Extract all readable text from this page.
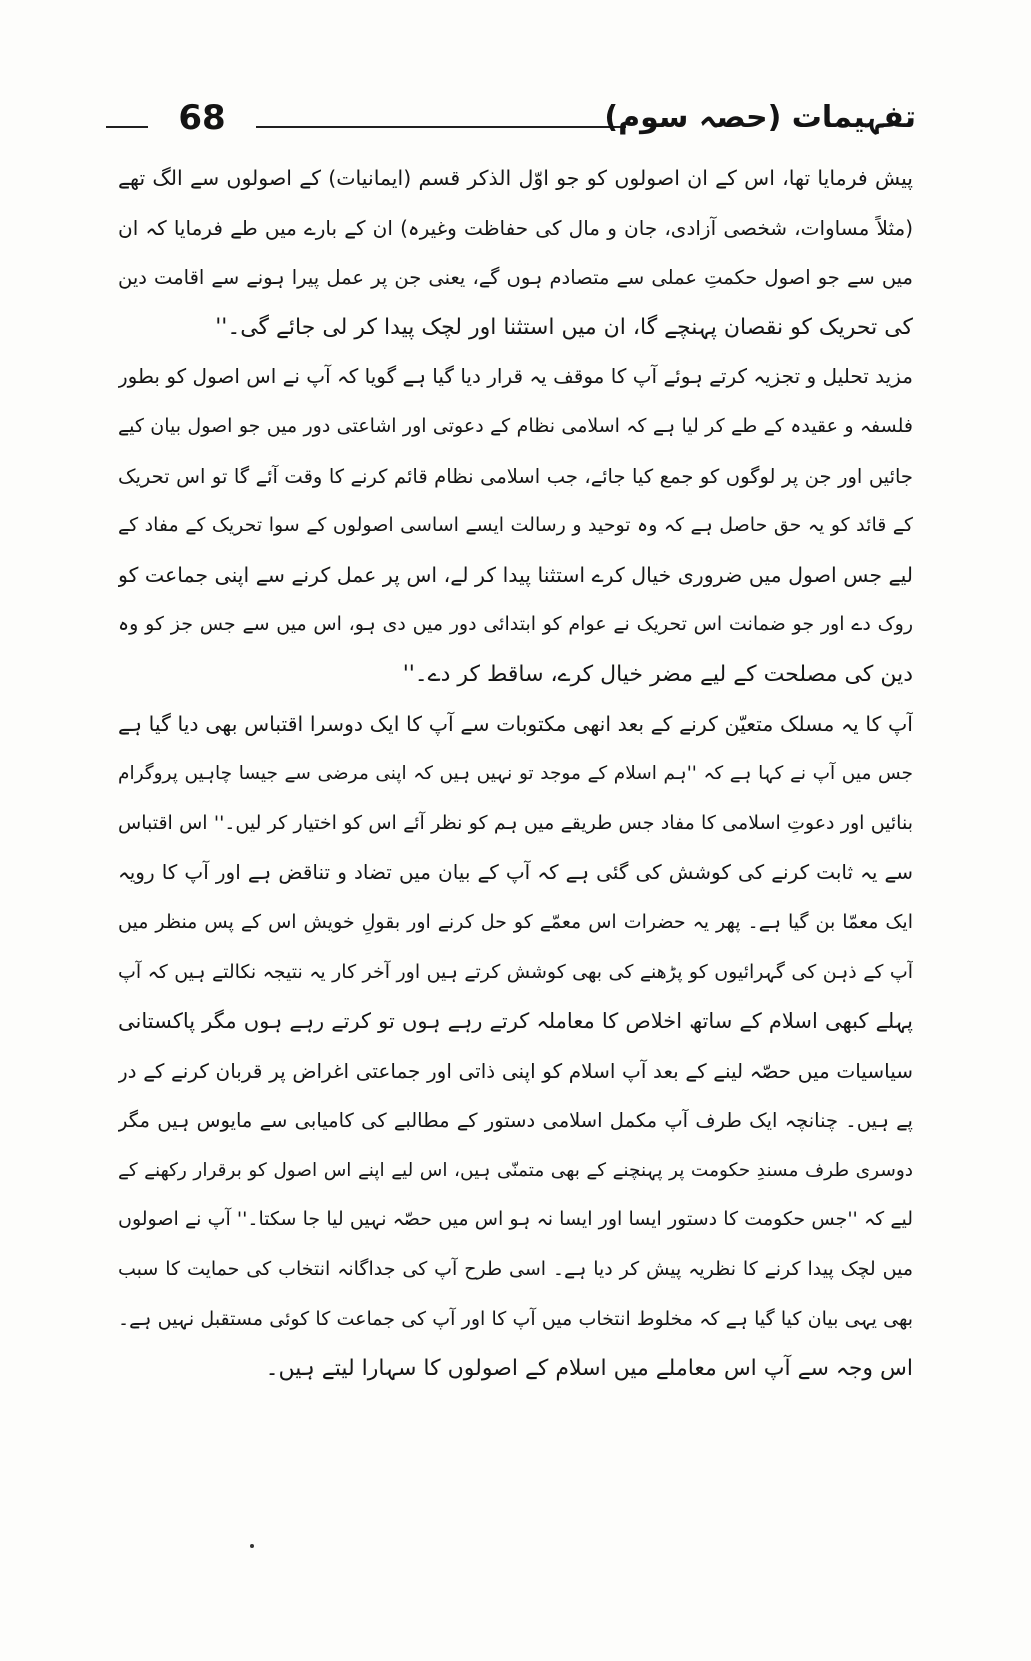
68	تفہیمات (حصہ سوم)
پیش فرمایا تھا، اس کے ان اصولوں کو جو اوّل الذکر قسم (ایمانیات) کے اصولوں سے الگ تھے
(مثلاً مساوات، شخصی آزادی، جان و مال کی حفاظت وغیرہ) ان کے بارے میں طے فرمایا کہ ان
میں سے جو اصول حکمتِ عملی سے متصادم ہوں گے، یعنی جن پر عمل پیرا ہونے سے اقامت دین
کی تحریک کو نقصان پہنچے گا، ان میں استثنا اور لچک پیدا کر لی جائے گی۔''
مزید تحلیل و تجزیہ کرتے ہوئے آپ کا موقف یہ قرار دیا گیا ہے گویا کہ آپ نے اس اصول کو بطور
فلسفہ و عقیدہ کے طے کر لیا ہے کہ اسلامی نظام کے دعوتی اور اشاعتی دور میں جو اصول بیان کیے
جائیں اور جن پر لوگوں کو جمع کیا جائے، جب اسلامی نظام قائم کرنے کا وقت آئے گا تو اس تحریک
کے قائد کو یہ حق حاصل ہے کہ وہ توحید و رسالت ایسے اساسی اصولوں کے سوا تحریک کے مفاد کے
لیے جس اصول میں ضروری خیال کرے استثنا پیدا کر لے، اس پر عمل کرنے سے اپنی جماعت کو
روک دے اور جو ضمانت اس تحریک نے عوام کو ابتدائی دور میں دی ہو، اس میں سے جس جز کو وہ
دین کی مصلحت کے لیے مضر خیال کرے، ساقط کر دے۔''
آپ کا یہ مسلک متعیّن کرنے کے بعد انھی مکتوبات سے آپ کا ایک دوسرا اقتباس بھی دیا گیا ہے
جس میں آپ نے کہا ہے کہ ''ہم اسلام کے موجد تو نہیں ہیں کہ اپنی مرضی سے جیسا چاہیں پروگرام
بنائیں اور دعوتِ اسلامی کا مفاد جس طریقے میں ہم کو نظر آئے اس کو اختیار کر لیں۔'' اس اقتباس
سے یہ ثابت کرنے کی کوشش کی گئی ہے کہ آپ کے بیان میں تضاد و تناقض ہے اور آپ کا رویہ
ایک معمّا بن گیا ہے۔ پھر یہ حضرات اس معمّے کو حل کرنے اور بقولِ خویش اس کے پس منظر میں
آپ کے ذہن کی گہرائیوں کو پڑھنے کی بھی کوشش کرتے ہیں اور آخر کار یہ نتیجہ نکالتے ہیں کہ آپ
پہلے کبھی اسلام کے ساتھ اخلاص کا معاملہ کرتے رہے ہوں تو کرتے رہے ہوں مگر پاکستانی
سیاسیات میں حصّہ لینے کے بعد آپ اسلام کو اپنی ذاتی اور جماعتی اغراض پر قربان کرنے کے در
پے ہیں۔ چنانچہ ایک طرف آپ مکمل اسلامی دستور کے مطالبے کی کامیابی سے مایوس ہیں مگر
دوسری طرف مسندِ حکومت پر پہنچنے کے بھی متمنّی ہیں، اس لیے اپنے اس اصول کو برقرار رکھنے کے
لیے کہ ''جس حکومت کا دستور ایسا اور ایسا نہ ہو اس میں حصّہ نہیں لیا جا سکتا۔'' آپ نے اصولوں
میں لچک پیدا کرنے کا نظریہ پیش کر دیا ہے۔ اسی طرح آپ کی جداگانہ انتخاب کی حمایت کا سبب
بھی یہی بیان کیا گیا ہے کہ مخلوط انتخاب میں آپ کا اور آپ کی جماعت کا کوئی مستقبل نہیں ہے۔
اس وجہ سے آپ اس معاملے میں اسلام کے اصولوں کا سہارا لیتے ہیں۔
